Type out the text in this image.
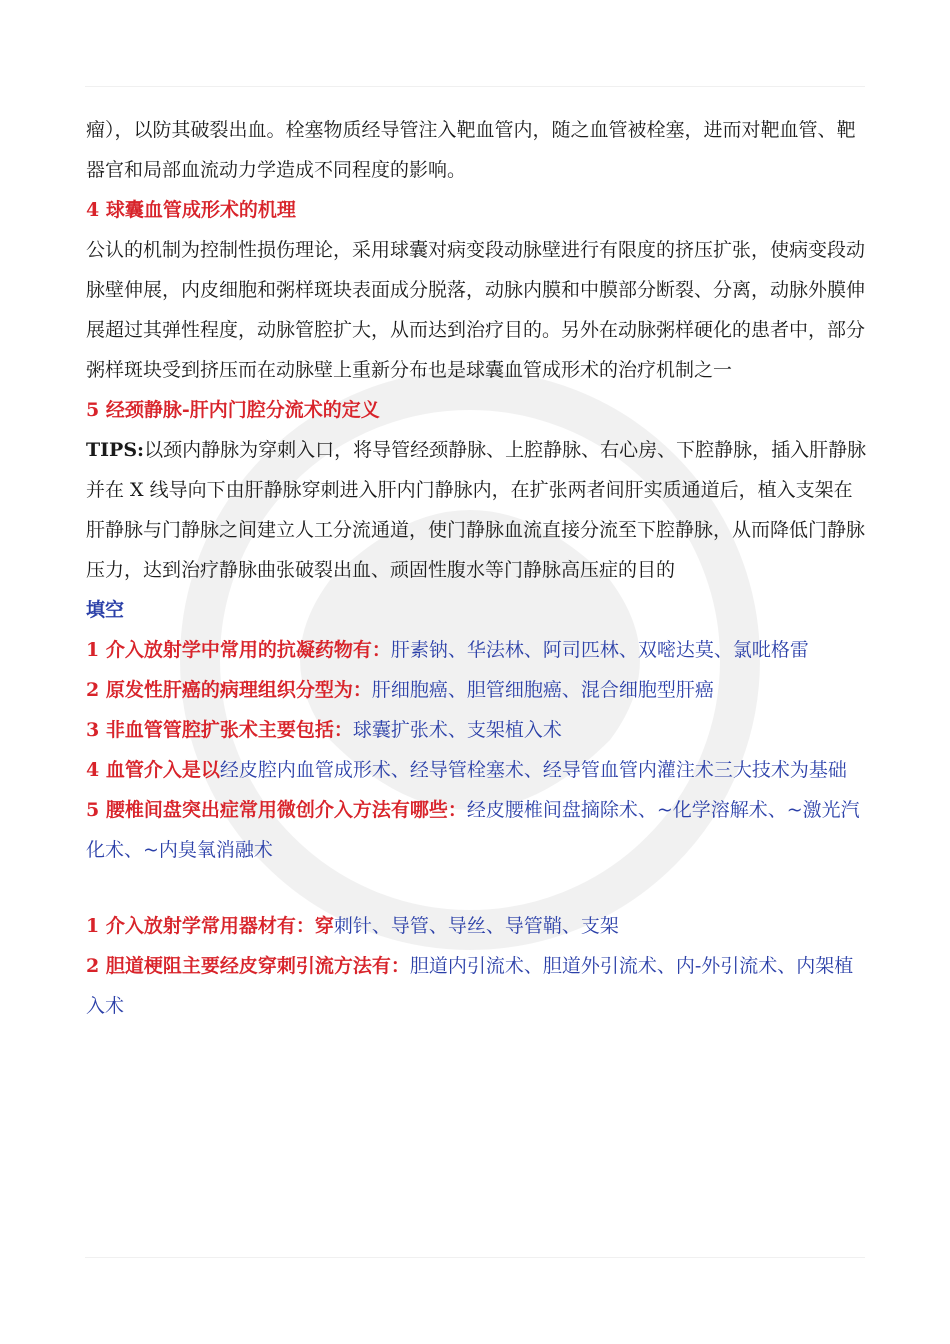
瘤），以防其破裂出血。栓塞物质经导管注入靶血管内，随之血管被栓塞，进而对靶血管、靶器官和局部血流动力学造成不同程度的影响。

4 球囊血管成形术的机理

公认的机制为控制性损伤理论，采用球囊对病变段动脉壁进行有限度的挤压扩张，使病变段动脉壁伸展，内皮细胞和粥样斑块表面成分脱落，动脉内膜和中膜部分断裂、分离，动脉外膜伸展超过其弹性程度，动脉管腔扩大，从而达到治疗目的。另外在动脉粥样硬化的患者中，部分粥样斑块受到挤压而在动脉壁上重新分布也是球囊血管成形术的治疗机制之一

5 经颈静脉-肝内门腔分流术的定义

TIPS:以颈内静脉为穿刺入口，将导管经颈静脉、上腔静脉、右心房、下腔静脉，插入肝静脉并在 X 线导向下由肝静脉穿刺进入肝内门静脉内，在扩张两者间肝实质通道后，植入支架在肝静脉与门静脉之间建立人工分流通道，使门静脉血流直接分流至下腔静脉，从而降低门静脉压力，达到治疗静脉曲张破裂出血、顽固性腹水等门静脉高压症的目的

填空

1 介入放射学中常用的抗凝药物有：肝素钠、华法林、阿司匹林、双嘧达莫、氯吡格雷

2 原发性肝癌的病理组织分型为：肝细胞癌、胆管细胞癌、混合细胞型肝癌

3 非血管管腔扩张术主要包括：球囊扩张术、支架植入术

4 血管介入是以经皮腔内血管成形术、经导管栓塞术、经导管血管内灌注术三大技术为基础

5 腰椎间盘突出症常用微创介入方法有哪些：经皮腰椎间盘摘除术、~化学溶解术、~激光汽化术、~内臭氧消融术

1 介入放射学常用器材有：穿刺针、导管、导丝、导管鞘、支架

2 胆道梗阻主要经皮穿刺引流方法有：胆道内引流术、胆道外引流术、内-外引流术、内架植入术
